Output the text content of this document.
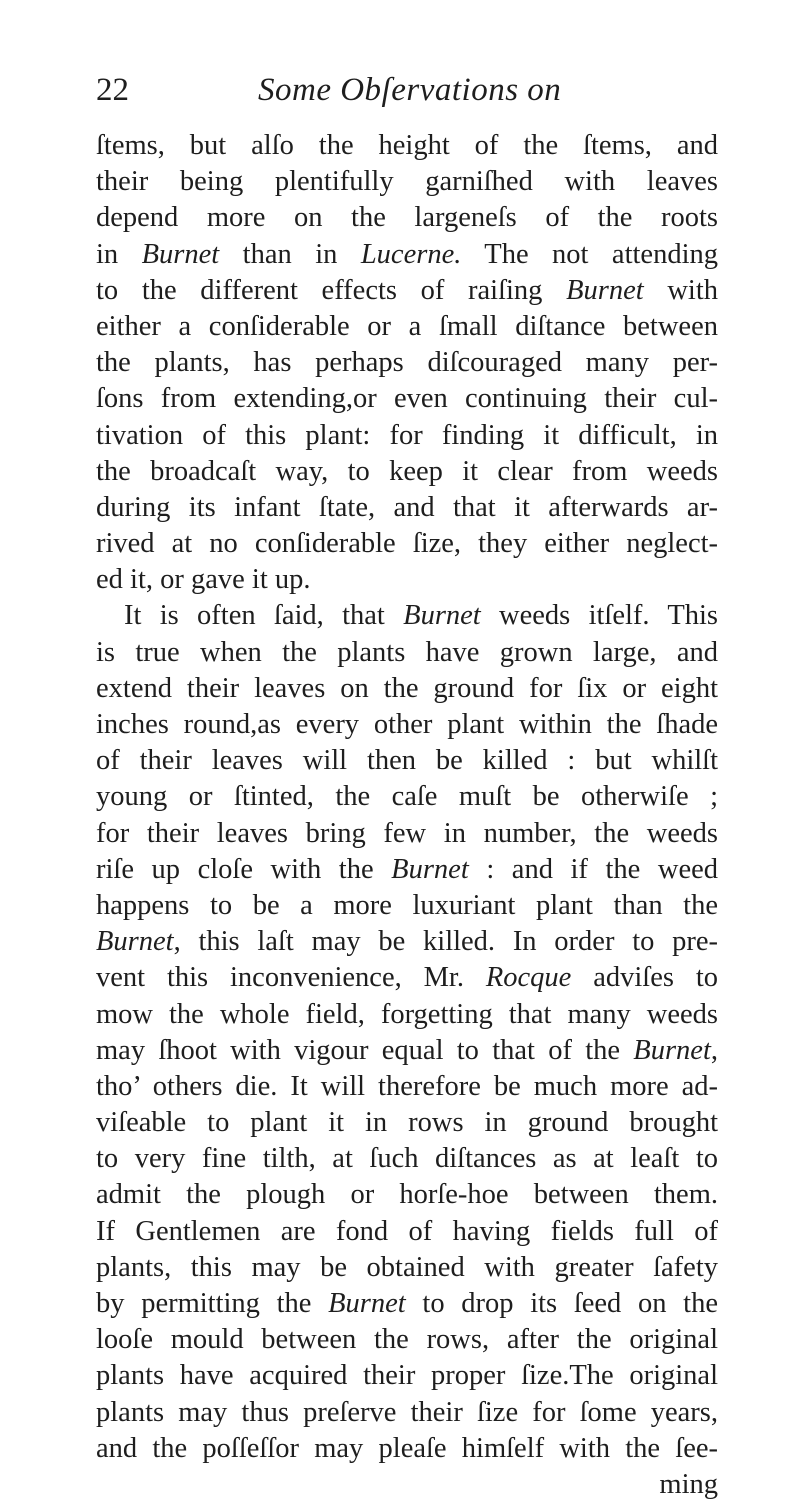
22	Some Obſervations on
ſtems, but alſo the height of the ſtems, and
their being plentifully garniſhed with leaves
depend more on the largeneſs of the roots
in Burnet than in Lucerne. The not attending
to the different effects of raiſing Burnet with
either a conſiderable or a ſmall diſtance between
the plants, has perhaps diſcouraged many per-
ſons from extending,or even continuing their cul-
tivation of this plant: for finding it difficult, in
the broadcaſt way, to keep it clear from weeds
during its infant ſtate, and that it afterwards ar-
rived at no conſiderable ſize, they either neglect-
ed it, or gave it up.
It is often ſaid, that Burnet weeds itſelf. This
is true when the plants have grown large, and
extend their leaves on the ground for ſix or eight
inches round,as every other plant within the ſhade
of their leaves will then be killed : but whilſt
young or ſtinted, the caſe muſt be otherwiſe ;
for their leaves bring few in number, the weeds
riſe up cloſe with the Burnet : and if the weed
happens to be a more luxuriant plant than the
Burnet, this laſt may be killed. In order to pre-
vent this inconvenience, Mr. Rocque adviſes to
mow the whole field, forgetting that many weeds
may ſhoot with vigour equal to that of the Burnet,
tho’ others die. It will therefore be much more ad-
viſeable to plant it in rows in ground brought
to very fine tilth, at ſuch diſtances as at leaſt to
admit the plough or horſe-hoe between them.
If Gentlemen are fond of having fields full of
plants, this may be obtained with greater ſafety
by permitting the Burnet to drop its ſeed on the
looſe mould between the rows, after the original
plants have acquired their proper ſize.The original
plants may thus preſerve their ſize for ſome years,
and the poſſeſſor may pleaſe himſelf with the ſee-
ming
